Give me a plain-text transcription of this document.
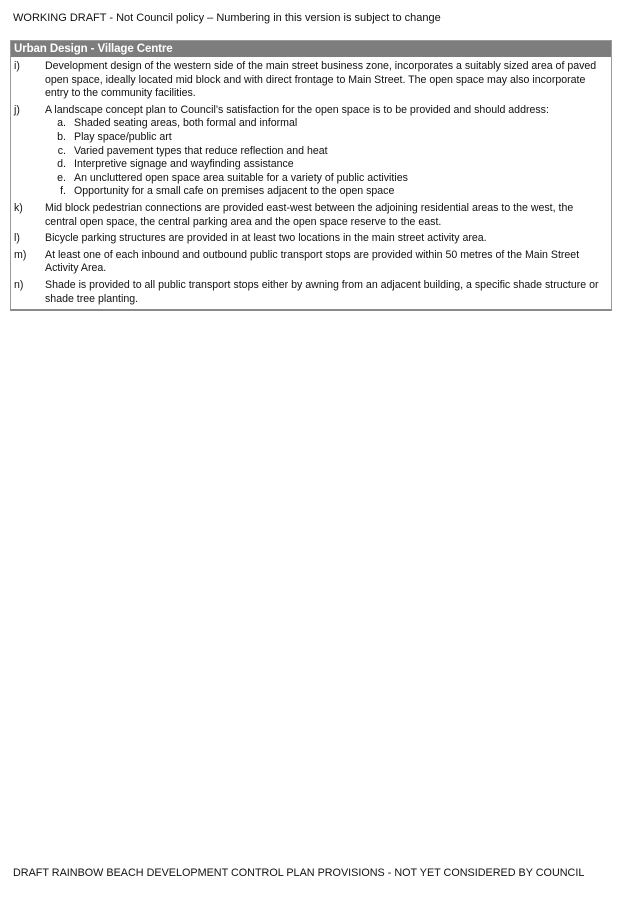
WORKING DRAFT - Not Council policy – Numbering in this version is subject to change
Urban Design - Village Centre
i)	Development design of the western side of the main street business zone, incorporates a suitably sized area of paved open space, ideally located mid block and with direct frontage to Main Street. The open space may also incorporate entry to the community facilities.
j)	A landscape concept plan to Council’s satisfaction for the open space is to be provided and should address:
a. Shaded seating areas, both formal and informal
b. Play space/public art
c. Varied pavement types that reduce reflection and heat
d. Interpretive signage and wayfinding assistance
e. An uncluttered open space area suitable for a variety of public activities
f. Opportunity for a small cafe on premises adjacent to the open space
k)	Mid block pedestrian connections are provided east-west between the adjoining residential areas to the west, the central open space, the central parking area and the open space reserve to the east.
l)	Bicycle parking structures are provided in at least two locations in the main street activity area.
m)	At least one of each inbound and outbound public transport stops are provided within 50 metres of the Main Street Activity Area.
n)	Shade is provided to all public transport stops either by awning from an adjacent building, a specific shade structure or shade tree planting.
DRAFT RAINBOW BEACH DEVELOPMENT CONTROL PLAN PROVISIONS - NOT YET CONSIDERED BY COUNCIL
